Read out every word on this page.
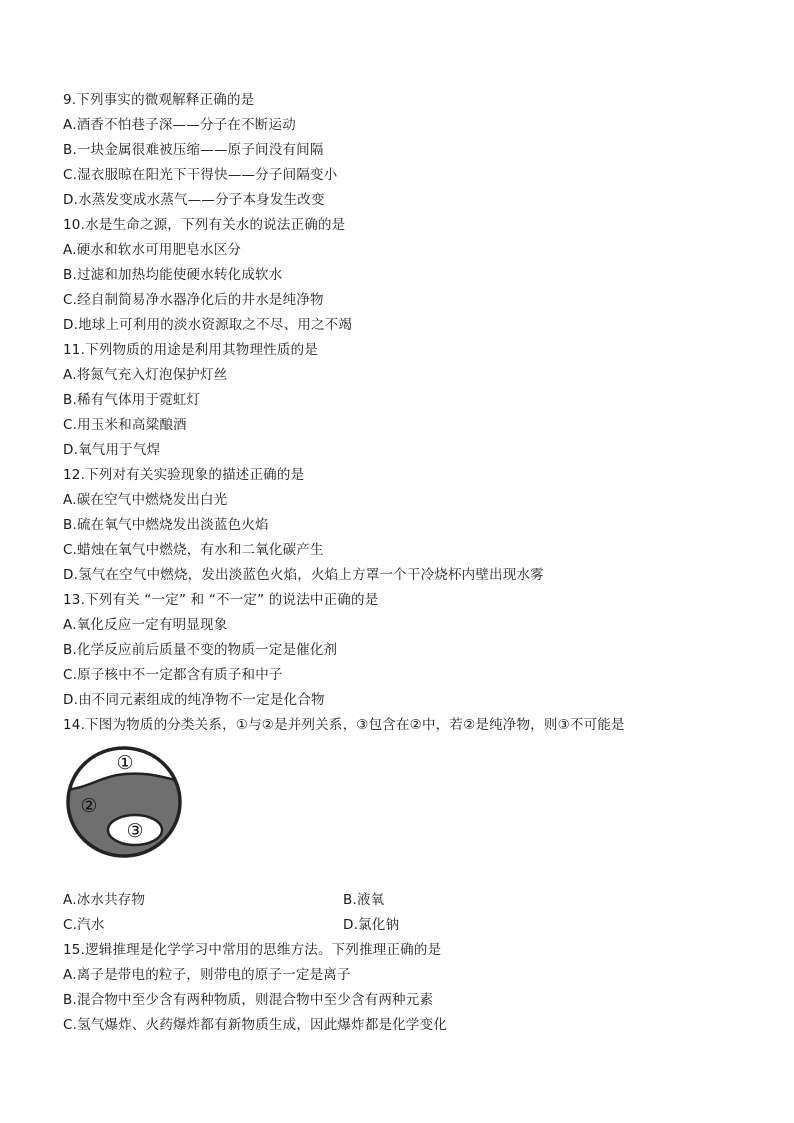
9.下列事实的微观解释正确的是
A.酒香不怕巷子深——分子在不断运动
B.一块金属很难被压缩——原子间没有间隔
C.湿衣服晾在阳光下干得快——分子间隔变小
D.水蒸发变成水蒸气——分子本身发生改变
10.水是生命之源，下列有关水的说法正确的是
A.硬水和软水可用肥皂水区分
B.过滤和加热均能使硬水转化成软水
C.经自制简易净水器净化后的井水是纯净物
D.地球上可利用的淡水资源取之不尽、用之不竭
11.下列物质的用途是利用其物理性质的是
A.将氮气充入灯泡保护灯丝
B.稀有气体用于霓虹灯
C.用玉米和高粱酿酒
D.氧气用于气焊
12.下列对有关实验现象的描述正确的是
A.碳在空气中燃烧发出白光
B.硫在氧气中燃烧发出淡蓝色火焰
C.蜡烛在氧气中燃烧，有水和二氧化碳产生
D.氢气在空气中燃烧，发出淡蓝色火焰，火焰上方罩一个干冷烧杯内壁出现水雾
13.下列有关 “一定” 和 “不一定” 的说法中正确的是
A.氧化反应一定有明显现象
B.化学反应前后质量不变的物质一定是催化剂
C.原子核中不一定都含有质子和中子
D.由不同元素组成的纯净物不一定是化合物
14.下图为物质的分类关系，①与②是并列关系，③包含在②中，若②是纯净物，则③不可能是
①
②
③
A.冰水共存物	B.液氧
C.汽水	D.氯化钠
15.逻辑推理是化学学习中常用的思维方法。下列推理正确的是
A.离子是带电的粒子，则带电的原子一定是离子
B.混合物中至少含有两种物质，则混合物中至少含有两种元素
C.氢气爆炸、火药爆炸都有新物质生成，因此爆炸都是化学变化
